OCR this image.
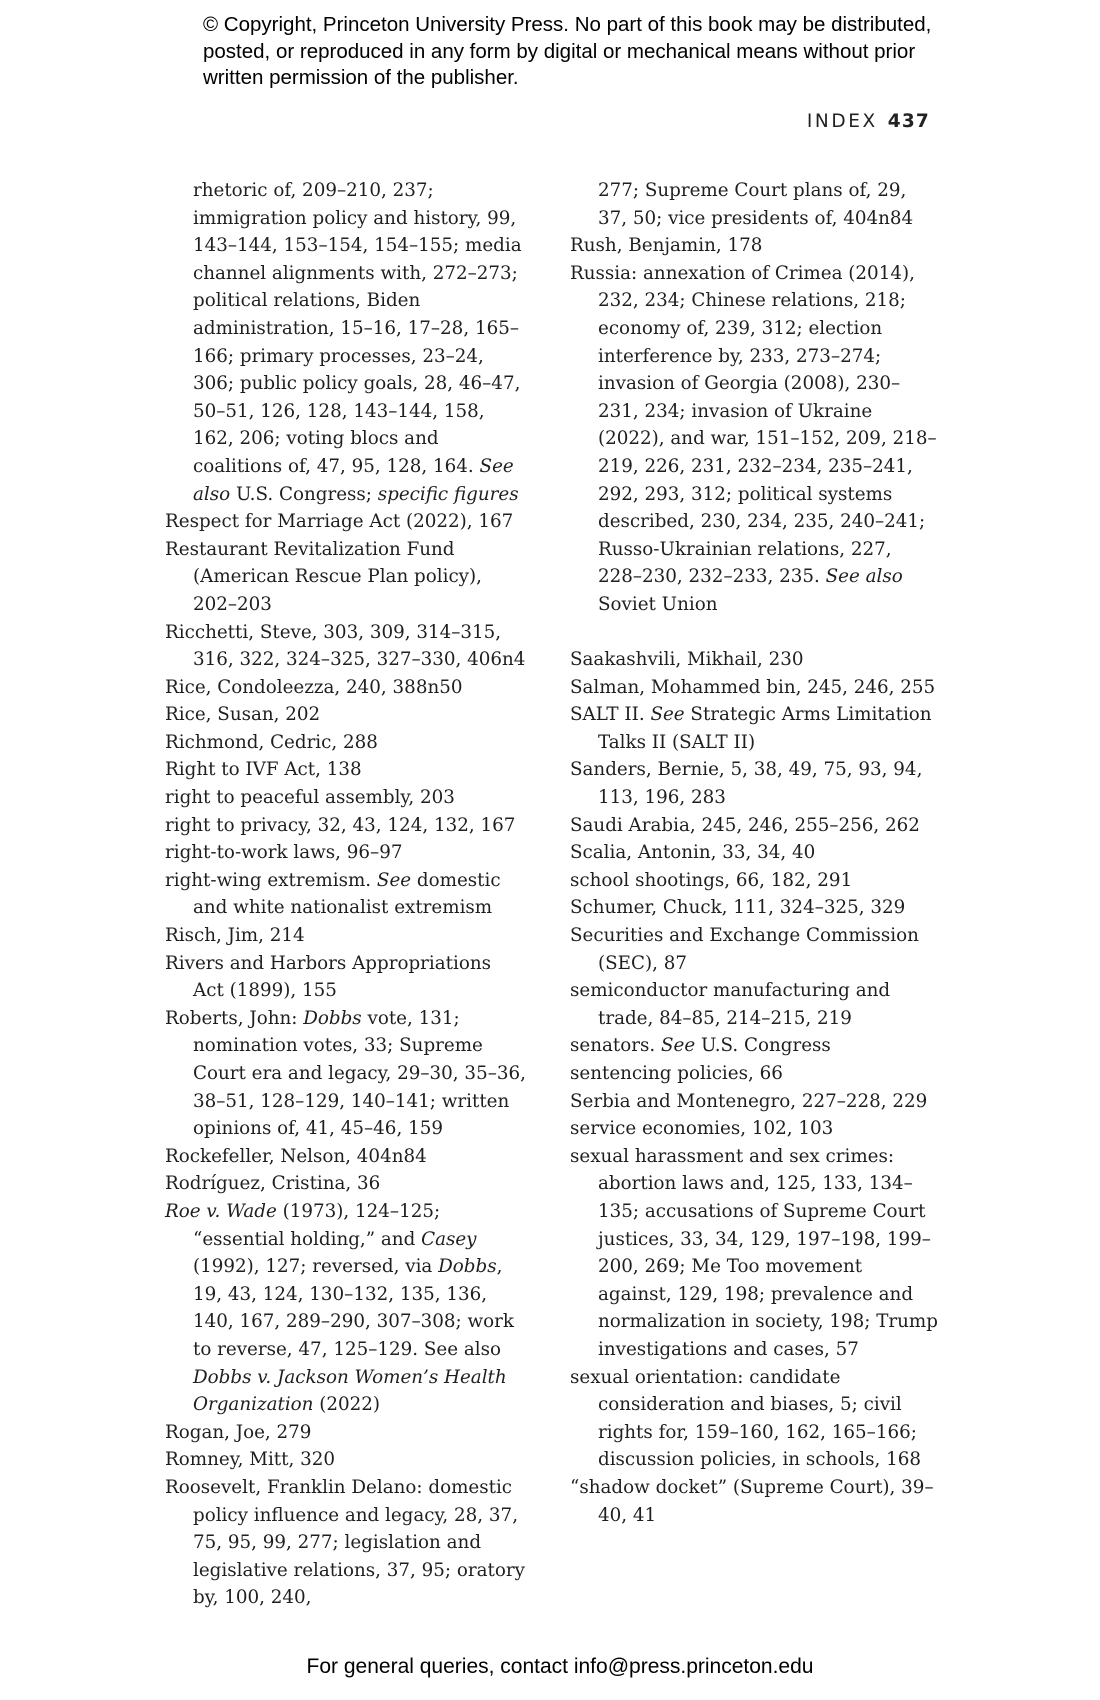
© Copyright, Princeton University Press. No part of this book may be distributed, posted, or reproduced in any form by digital or mechanical means without prior written permission of the publisher.
INDEX 437

rhetoric of, 209–210, 237; immigration policy and history, 99, 143–144, 153–154, 154–155; media channel alignments with, 272–273; political relations, Biden administration, 15–16, 17–28, 165–166; primary processes, 23–24, 306; public policy goals, 28, 46–47, 50–51, 126, 128, 143–144, 158, 162, 206; voting blocs and coalitions of, 47, 95, 128, 164. See also U.S. Congress; specific figures

Respect for Marriage Act (2022), 167

Restaurant Revitalization Fund (American Rescue Plan policy), 202–203

Ricchetti, Steve, 303, 309, 314–315, 316, 322, 324–325, 327–330, 406n4

Rice, Condoleezza, 240, 388n50

Rice, Susan, 202

Richmond, Cedric, 288

Right to IVF Act, 138

right to peaceful assembly, 203

right to privacy, 32, 43, 124, 132, 167

right-to-work laws, 96–97

right-wing extremism. See domestic and white nationalist extremism

Risch, Jim, 214

Rivers and Harbors Appropriations Act (1899), 155

Roberts, John: Dobbs vote, 131; nomination votes, 33; Supreme Court era and legacy, 29–30, 35–36, 38–51, 128–129, 140–141; written opinions of, 41, 45–46, 159

Rockefeller, Nelson, 404n84

Rodríguez, Cristina, 36

Roe v. Wade (1973), 124–125; “essential holding,” and Casey (1992), 127; reversed, via Dobbs, 19, 43, 124, 130–132, 135, 136, 140, 167, 289–290, 307–308; work to reverse, 47, 125–129. See also Dobbs v. Jackson Women’s Health Organization (2022)

Rogan, Joe, 279

Romney, Mitt, 320

Roosevelt, Franklin Delano: domestic policy influence and legacy, 28, 37, 75, 95, 99, 277; legislation and legislative relations, 37, 95; oratory by, 100, 240,

277; Supreme Court plans of, 29, 37, 50; vice presidents of, 404n84

Rush, Benjamin, 178

Russia: annexation of Crimea (2014), 232, 234; Chinese relations, 218; economy of, 239, 312; election interference by, 233, 273–274; invasion of Georgia (2008), 230–231, 234; invasion of Ukraine (2022), and war, 151–152, 209, 218–219, 226, 231, 232–234, 235–241, 292, 293, 312; political systems described, 230, 234, 235, 240–241; Russo-Ukrainian relations, 227, 228–230, 232–233, 235. See also Soviet Union

Saakashvili, Mikhail, 230

Salman, Mohammed bin, 245, 246, 255

SALT II. See Strategic Arms Limitation Talks II (SALT II)

Sanders, Bernie, 5, 38, 49, 75, 93, 94, 113, 196, 283

Saudi Arabia, 245, 246, 255–256, 262

Scalia, Antonin, 33, 34, 40

school shootings, 66, 182, 291

Schumer, Chuck, 111, 324–325, 329

Securities and Exchange Commission (SEC), 87

semiconductor manufacturing and trade, 84–85, 214–215, 219

senators. See U.S. Congress

sentencing policies, 66

Serbia and Montenegro, 227–228, 229

service economies, 102, 103

sexual harassment and sex crimes: abortion laws and, 125, 133, 134–135; accusations of Supreme Court justices, 33, 34, 129, 197–198, 199–200, 269; Me Too movement against, 129, 198; prevalence and normalization in society, 198; Trump investigations and cases, 57

sexual orientation: candidate consideration and biases, 5; civil rights for, 159–160, 162, 165–166; discussion policies, in schools, 168

“shadow docket” (Supreme Court), 39–40, 41

For general queries, contact info@press.princeton.edu
